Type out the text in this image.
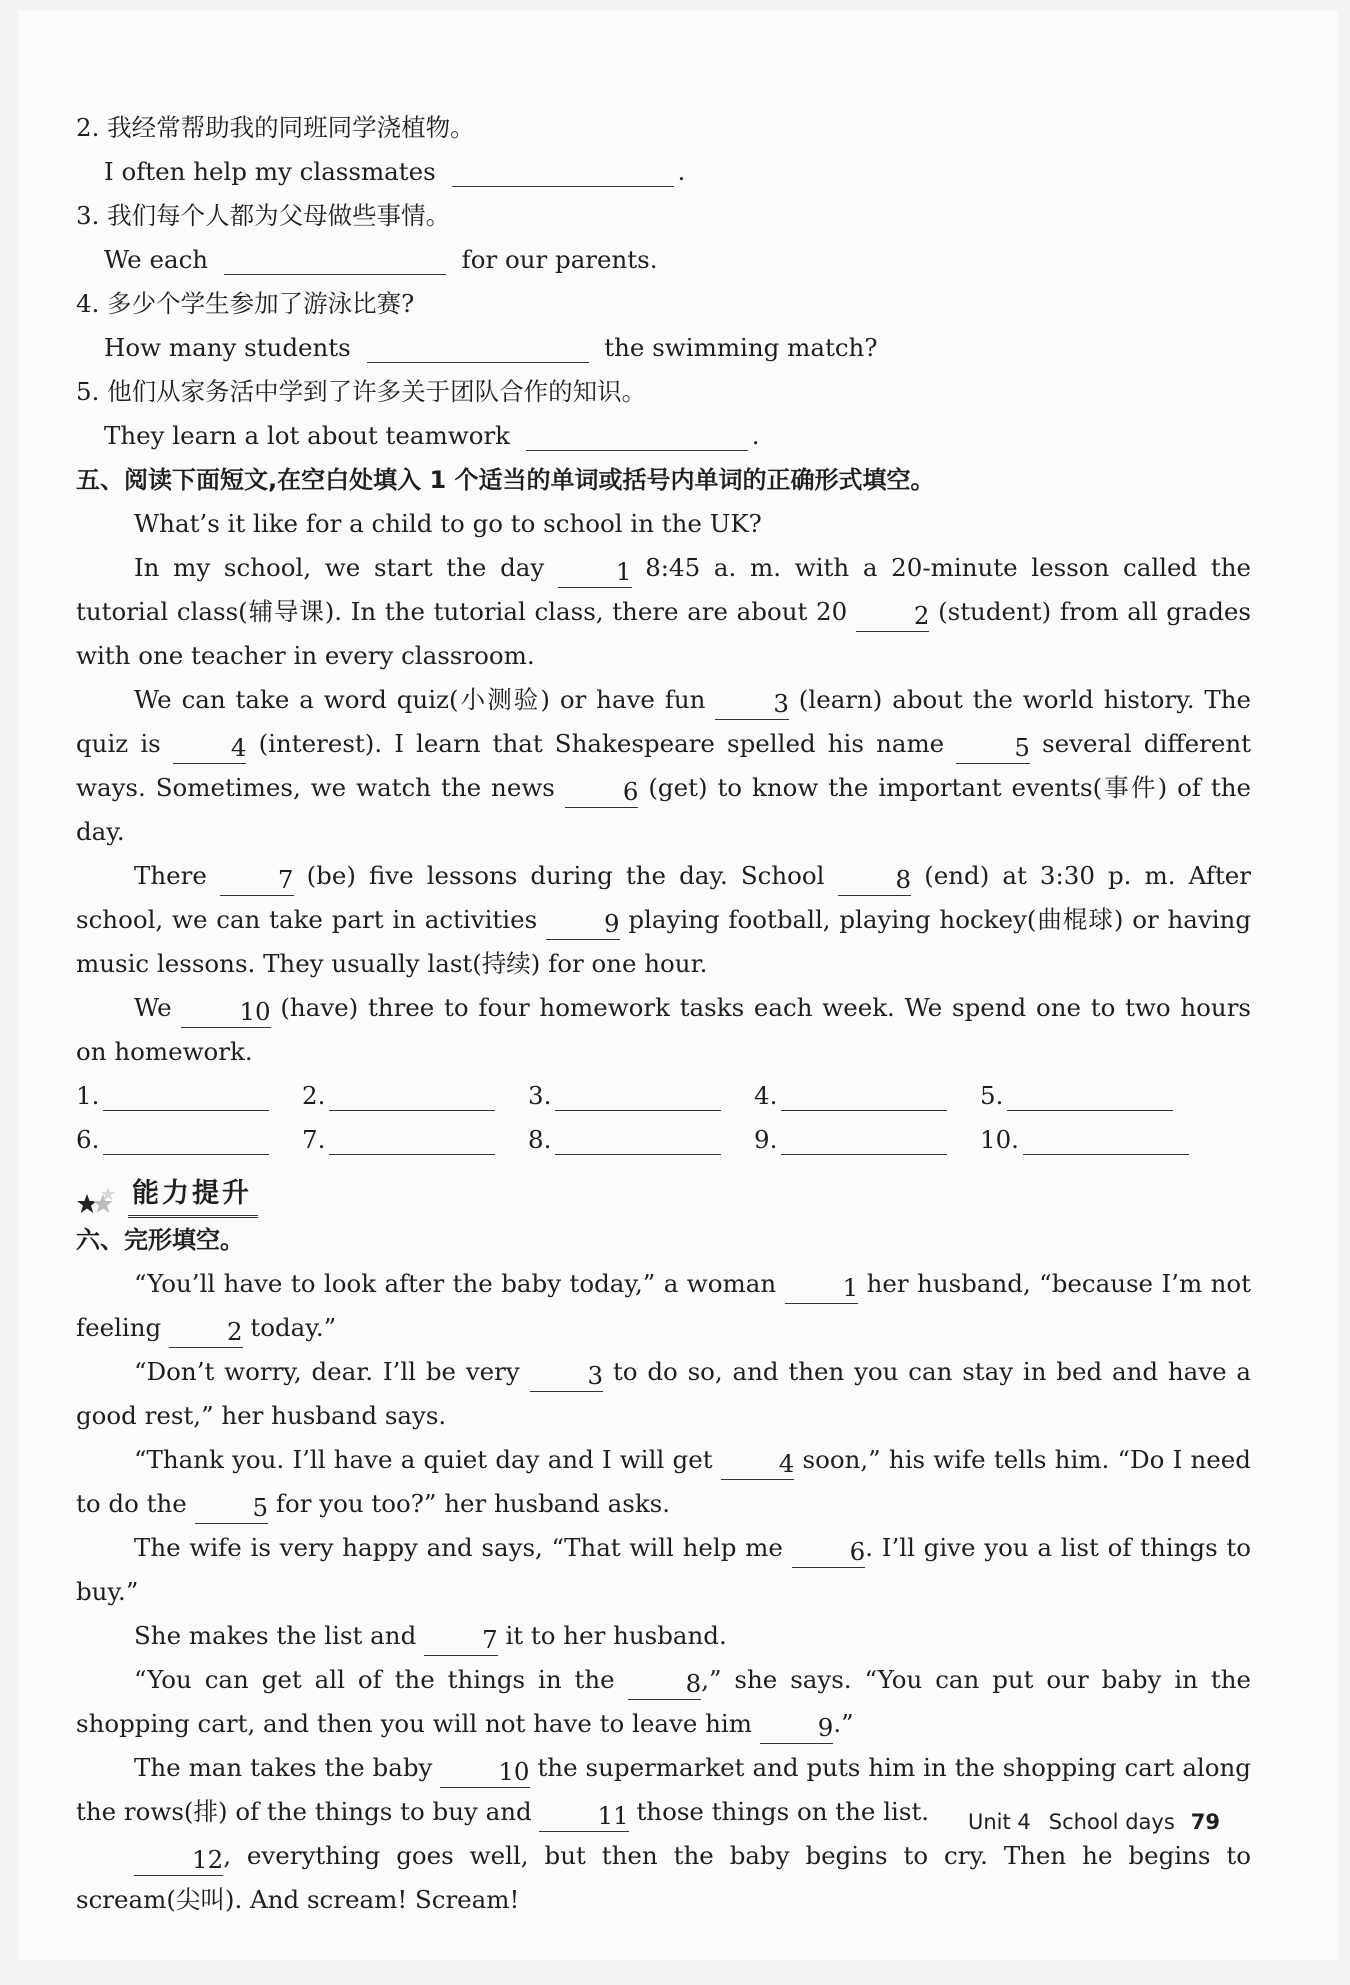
2. 我经常帮助我的同班同学浇植物。
I often help my classmates	.
3. 我们每个人都为父母做些事情。
We each	for our parents.
4. 多少个学生参加了游泳比赛?
How many students	the swimming match?
5. 他们从家务活中学到了许多关于团队合作的知识。
They learn a lot about teamwork	.
五、阅读下面短文,在空白处填入 1 个适当的单词或括号内单词的正确形式填空。
What’s it like for a child to go to school in the UK?
In my school, we start the day	1 8:45 a. m. with a 20-minute lesson called the tutorial class(辅导课). In the tutorial class, there are about 20	2 (student) from all grades with one teacher in every classroom.
We can take a word quiz(小测验) or have fun	3 (learn) about the world history. The quiz is	4 (interest). I learn that Shakespeare spelled his name	5 several different ways. Sometimes, we watch the news	6 (get) to know the important events(事件) of the day.
There	7 (be) five lessons during the day. School	8 (end) at 3:30 p. m. After school, we can take part in activities	9 playing football, playing hockey(曲棍球) or having music lessons. They usually last(持续) for one hour.
We	10 (have) three to four homework tasks each week. We spend one to two hours on homework.
1.	2.	3.	4.	5.
6.	7.	8.	9.	10.
能力提升
六、完形填空。
“You’ll have to look after the baby today,” a woman	1 her husband, “because I’m not feeling	2 today.”
“Don’t worry, dear. I’ll be very	3 to do so, and then you can stay in bed and have a good rest,” her husband says.
“Thank you. I’ll have a quiet day and I will get	4 soon,” his wife tells him. “Do I need to do the	5 for you too?” her husband asks.
The wife is very happy and says, “That will help me	6. I’ll give you a list of things to buy.”
She makes the list and	7 it to her husband.
“You can get all of the things in the	8,” she says. “You can put our baby in the shopping cart, and then you will not have to leave him	9.”
The man takes the baby	10 the supermarket and puts him in the shopping cart along the rows(排) of the things to buy and	11 those things on the list.
12, everything goes well, but then the baby begins to cry. Then he begins to scream(尖叫). And scream! Scream!
Unit 4 School days 79
